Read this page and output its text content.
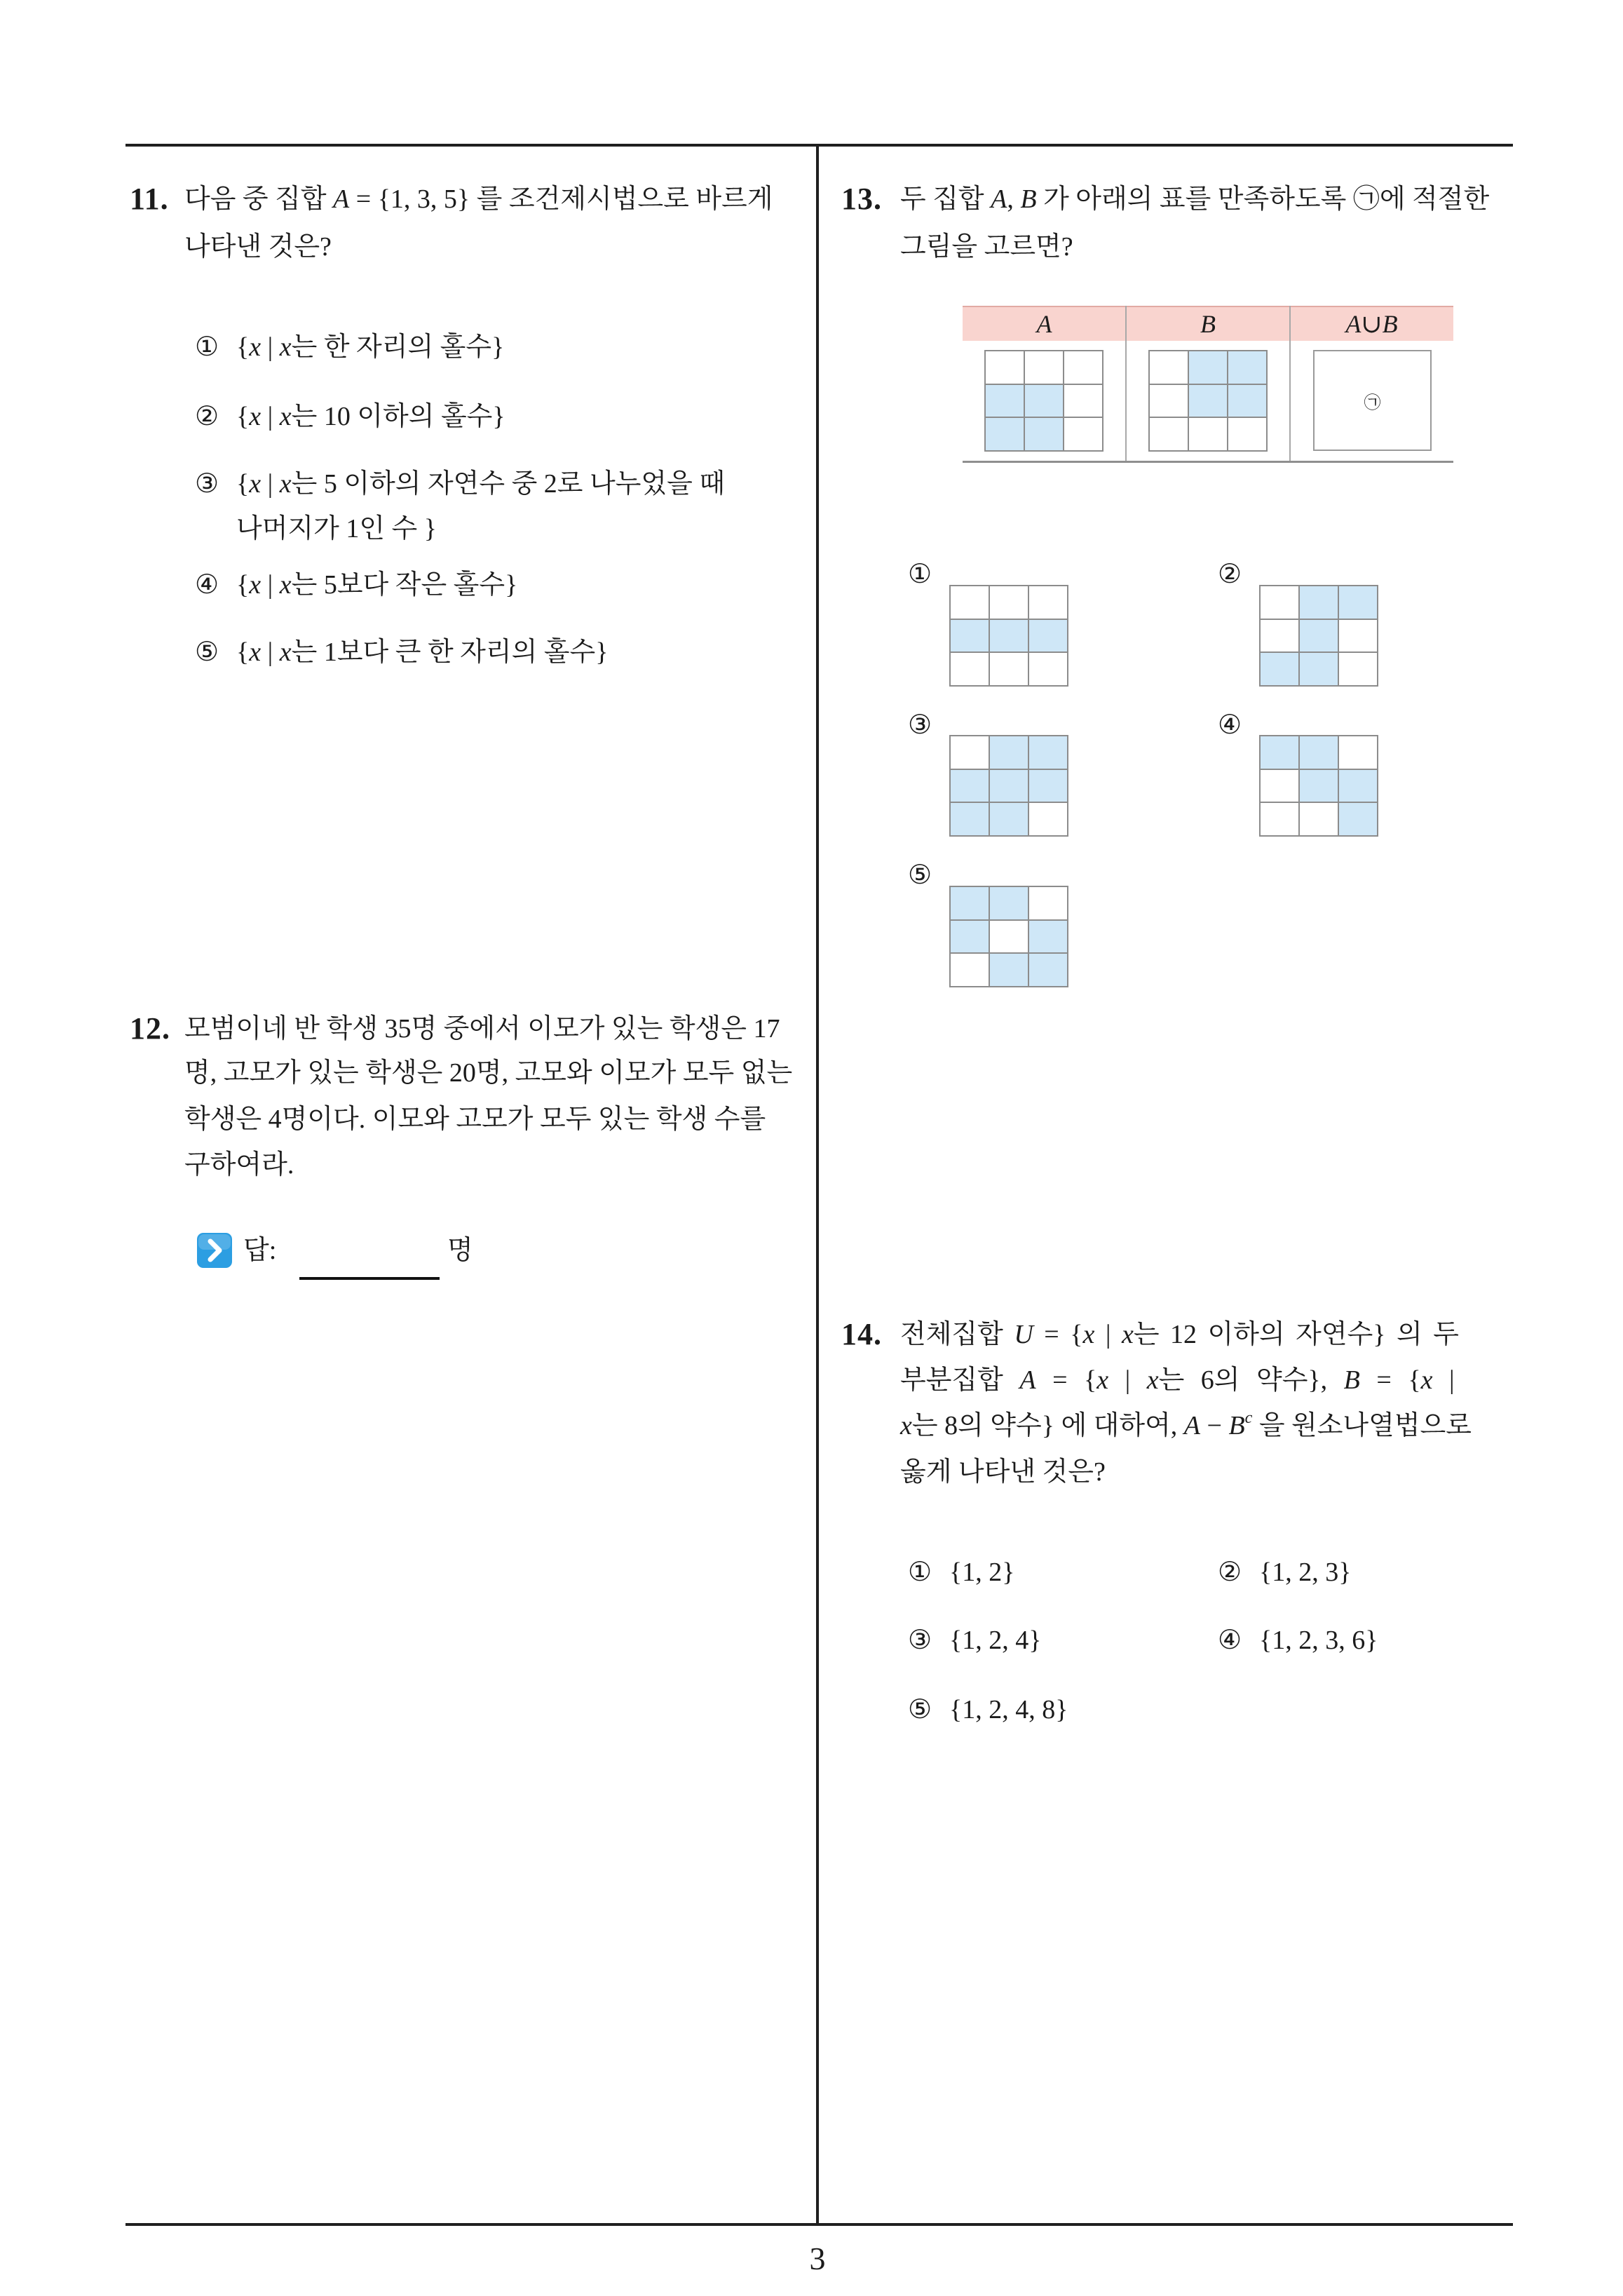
11. 다음 중 집합 A = {1, 3, 5} 를 조건제시법으로 바르게
나타낸 것은?
① {x | x는 한 자리의 홀수}
② {x | x는 10 이하의 홀수}
③ {x | x는 5 이하의 자연수 중 2로 나누었을 때
나머지가 1인 수 }
④ {x | x는 5보다 작은 홀수}
⑤ {x | x는 1보다 큰 한 자리의 홀수}
12. 모범이네 반 학생 35명 중에서 이모가 있는 학생은 17
명, 고모가 있는 학생은 20명, 고모와 이모가 모두 없는
학생은 4명이다. 이모와 고모가 모두 있는 학생 수를
구하여라.
답:	명
13. 두 집합 A, B 가 아래의 표를 만족하도록 ㉠에 적절한
그림을 고르면?
A	B	A∪B
㉠
①	②
③	④
⑤
14. 전체집합 U = {x | x는 12 이하의 자연수} 의 두
부분집합 A = {x | x는 6의 약수}, B = {x |
x는 8의 약수} 에 대하여, $A - B^c$ 을 원소나열법으로
옳게 나타낸 것은?
① {1, 2}	② {1, 2, 3}
③ {1, 2, 4}	④ {1, 2, 3, 6}
⑤ {1, 2, 4, 8}
3
